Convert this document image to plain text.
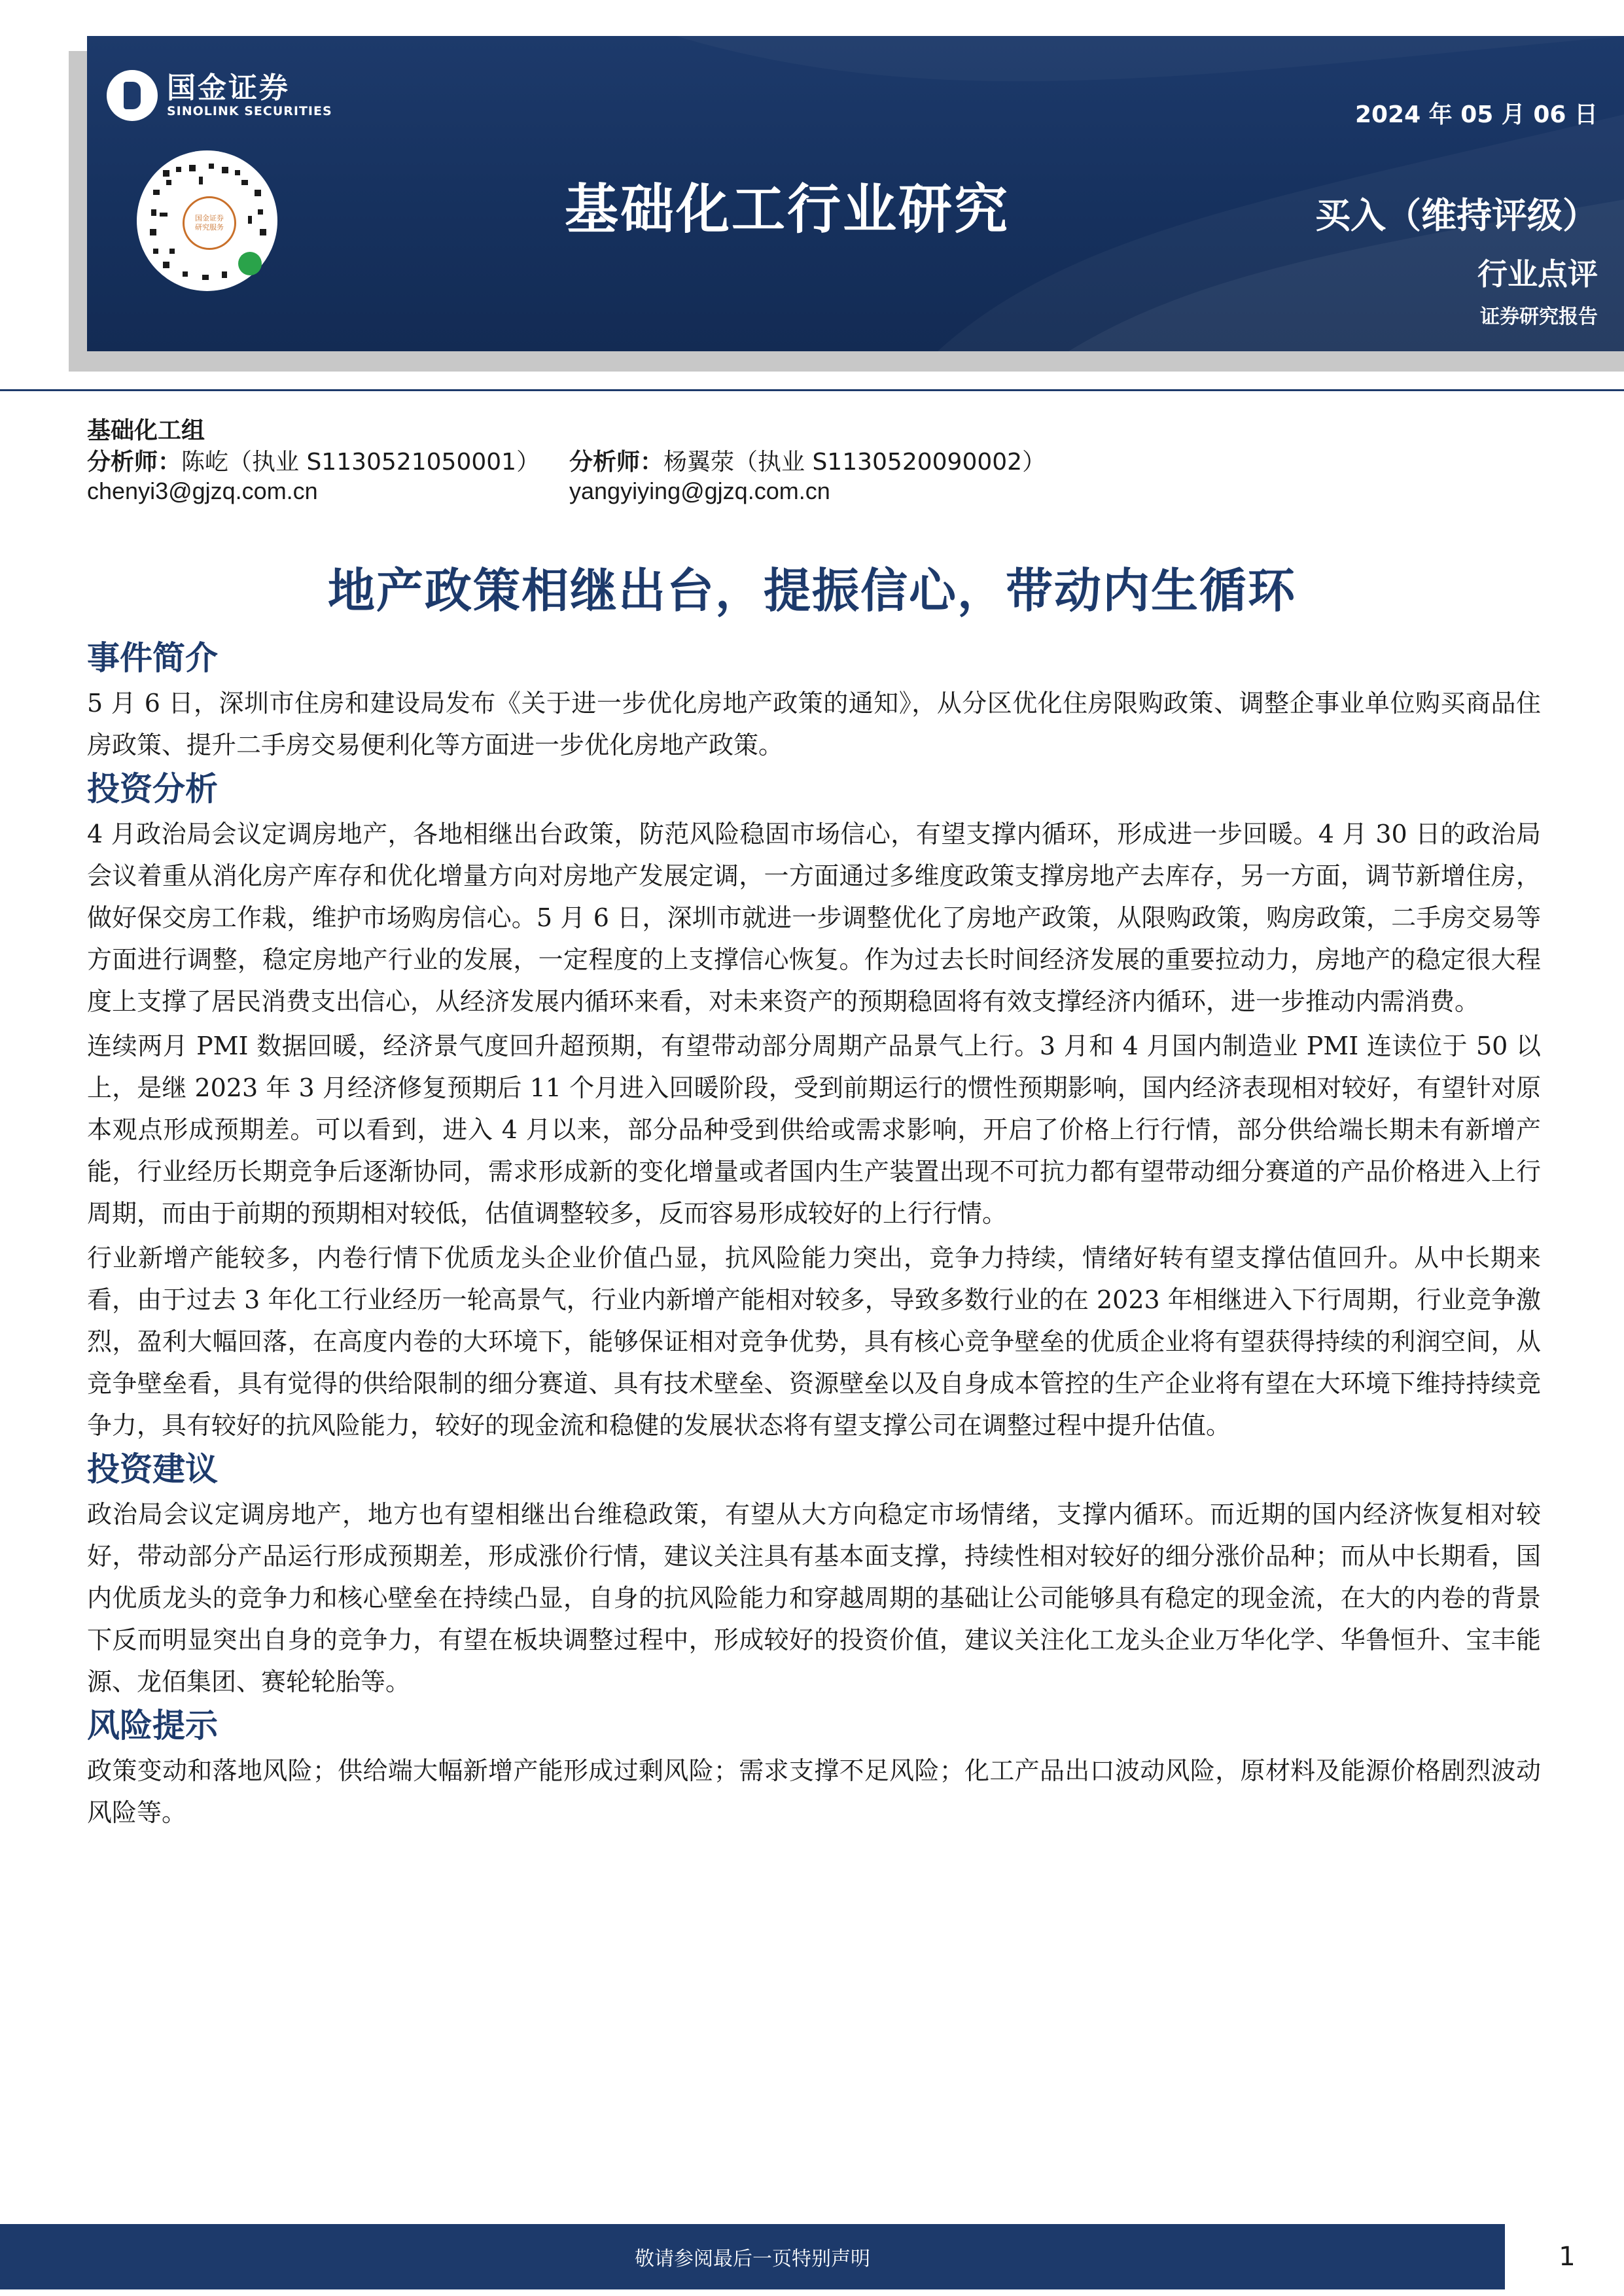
国金证券
SINOLINK SECURITIES
国金证券
研究服务	基础化工行业研究
2024 年 05 月 06 日
买入（维持评级）
行业点评
证券研究报告
基础化工组
分析师：陈屹（执业 S1130521050001） 分析师：杨翼荥（执业 S1130520090002）
chenyi3@gjzq.com.cn	yangyiying@gjzq.com.cn
地产政策相继出台，提振信心，带动内生循环
事件简介

5 月 6 日，深圳市住房和建设局发布《关于进一步优化房地产政策的通知》，从分区优化住房限购政策、调整企事业单位购买商品住房政策、提升二手房交易便利化等方面进一步优化房地产政策。

投资分析

4 月政治局会议定调房地产，各地相继出台政策，防范风险稳固市场信心，有望支撑内循环，形成进一步回暖。4 月 30 日的政治局会议着重从消化房产库存和优化增量方向对房地产发展定调，一方面通过多维度政策支撑房地产去库存，另一方面，调节新增住房，做好保交房工作栽，维护市场购房信心。5 月 6 日，深圳市就进一步调整优化了房地产政策，从限购政策，购房政策，二手房交易等方面进行调整，稳定房地产行业的发展，一定程度的上支撑信心恢复。作为过去长时间经济发展的重要拉动力，房地产的稳定很大程度上支撑了居民消费支出信心，从经济发展内循环来看，对未来资产的预期稳固将有效支撑经济内循环，进一步推动内需消费。

连续两月 PMI 数据回暖，经济景气度回升超预期，有望带动部分周期产品景气上行。3 月和 4 月国内制造业 PMI 连读位于 50 以上，是继 2023 年 3 月经济修复预期后 11 个月进入回暖阶段，受到前期运行的惯性预期影响，国内经济表现相对较好，有望针对原本观点形成预期差。可以看到，进入 4 月以来，部分品种受到供给或需求影响，开启了价格上行行情，部分供给端长期未有新增产能，行业经历长期竞争后逐渐协同，需求形成新的变化增量或者国内生产装置出现不可抗力都有望带动细分赛道的产品价格进入上行周期，而由于前期的预期相对较低，估值调整较多，反而容易形成较好的上行行情。

行业新增产能较多，内卷行情下优质龙头企业价值凸显，抗风险能力突出，竞争力持续，情绪好转有望支撑估值回升。从中长期来看，由于过去 3 年化工行业经历一轮高景气，行业内新增产能相对较多，导致多数行业的在 2023 年相继进入下行周期，行业竞争激烈，盈利大幅回落，在高度内卷的大环境下，能够保证相对竞争优势，具有核心竞争壁垒的优质企业将有望获得持续的利润空间，从竞争壁垒看，具有觉得的供给限制的细分赛道、具有技术壁垒、资源壁垒以及自身成本管控的生产企业将有望在大环境下维持持续竞争力，具有较好的抗风险能力，较好的现金流和稳健的发展状态将有望支撑公司在调整过程中提升估值。

投资建议

政治局会议定调房地产，地方也有望相继出台维稳政策，有望从大方向稳定市场情绪，支撑内循环。而近期的国内经济恢复相对较好，带动部分产品运行形成预期差，形成涨价行情，建议关注具有基本面支撑，持续性相对较好的细分涨价品种；而从中长期看，国内优质龙头的竞争力和核心壁垒在持续凸显，自身的抗风险能力和穿越周期的基础让公司能够具有稳定的现金流，在大的内卷的背景下反而明显突出自身的竞争力，有望在板块调整过程中，形成较好的投资价值，建议关注化工龙头企业万华化学、华鲁恒升、宝丰能源、龙佰集团、赛轮轮胎等。

风险提示

政策变动和落地风险；供给端大幅新增产能形成过剩风险；需求支撑不足风险；化工产品出口波动风险，原材料及能源价格剧烈波动风险等。

敬请参阅最后一页特别声明	1
